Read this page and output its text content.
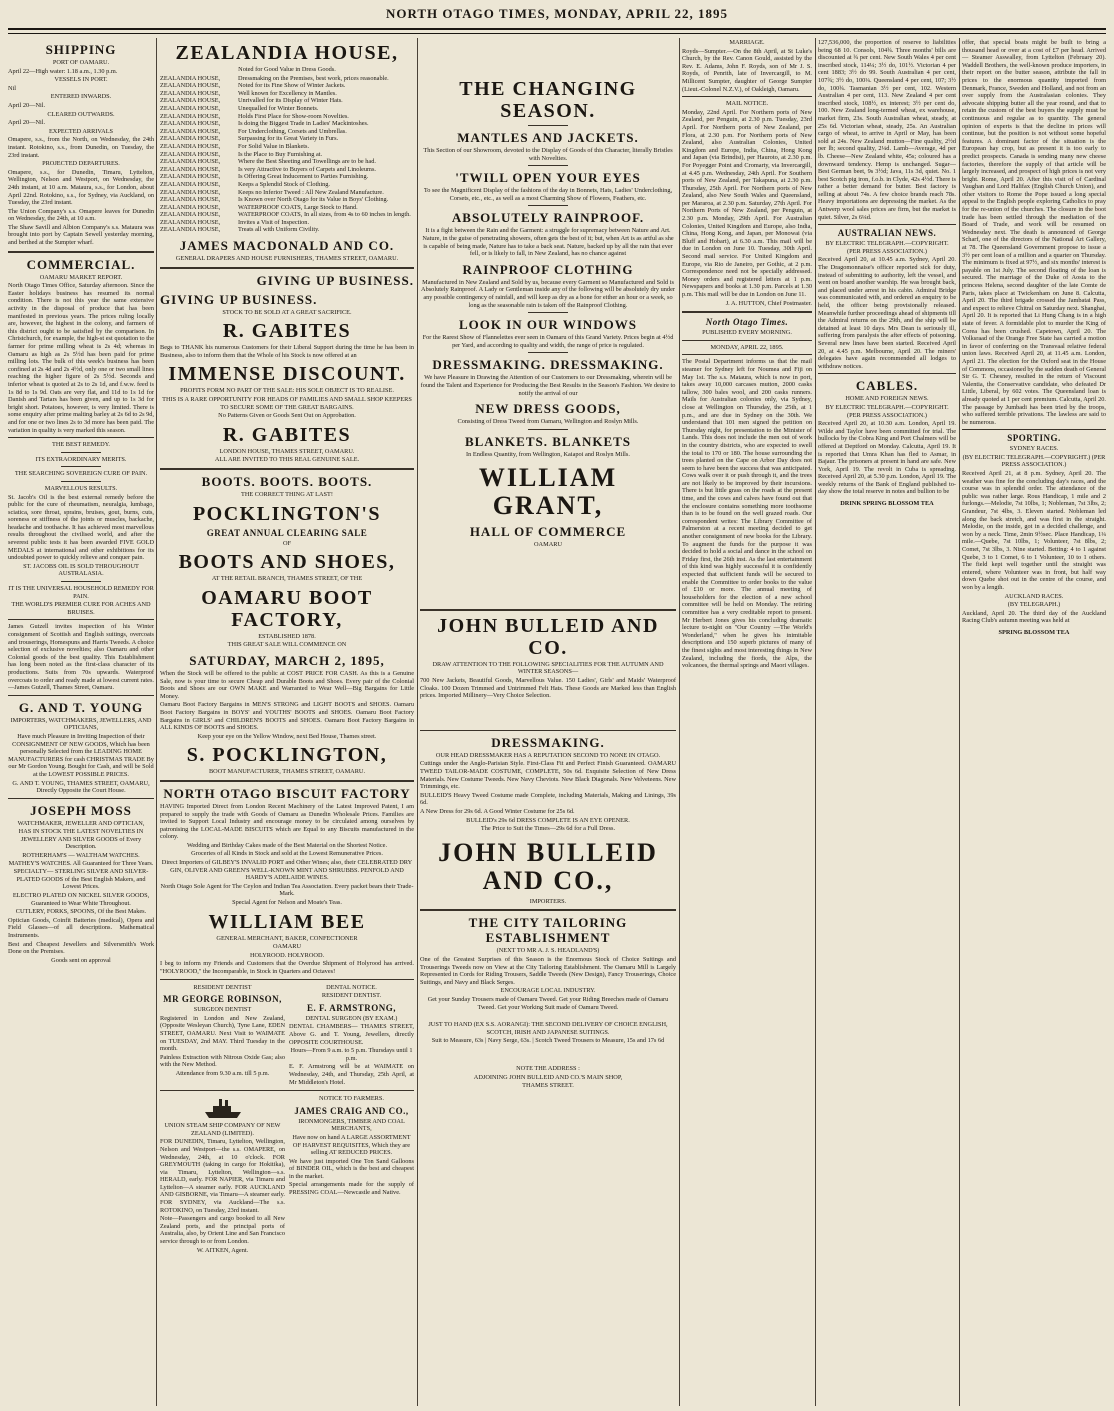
NORTH OTAGO TIMES, MONDAY, APRIL 22, 1895
SHIPPING
PORT OF OAMARU.
April 22—High water: 1.18 a.m., 1.30 p.m.
VESSELS IN PORT.
Nil
ENTERED INWARDS.
April 20—Nil.
CLEARED OUTWARDS.
April 20—Nil.
EXPECTED ARRIVALS
Omapere, s.s., from the North, on Wednesday, the 24th instant. Rotokino, s.s., from Dunedin, on Tuesday, the 23rd instant.
PROJECTED DEPARTURES.
Omapere, s.s., for Dunedin, Timaru, Lyttelton, Wellington, Nelson and Westport, on Wednesday, the 24th instant, at 10 a.m. Mataura, s.s., for London, about April 22nd. Rotokino, s.s., for Sydney, via Auckland, on Tuesday, the 23rd instant.
The Union Company's s.s. Omapere leaves for Dunedin on Wednesday, the 24th, at 10 a.m.
The Shaw Savill and Albion Company's s.s. Mataura was brought into port by Captain Sewell yesterday morning, and berthed at the Sumpter wharf.
COMMERCIAL.
OAMARU MARKET REPORT.
North Otago Times Office, Saturday afternoon. Since the Easter holidays business has resumed its normal condition. There is not this year the same extensive activity in the disposal of produce that has been manifested in previous years. The prices ruling locally are, however, the highest in the colony, and farmers of this district ought to be satisfied by the comparison. In Christchurch, for example, the high-st est quotation to the farmer for prime milling wheat is 2s 4d; whereas in Oamaru as high as 2s 5½d has been paid for prime milling lots. The bulk of this week's business has been confined at 2s 4d and 2s 4½d, only one or two small lines reaching the higher figure of 2s 5½d. Seconds and inferior wheat is quoted at 2s to 2s 1d, and f.w.w. feed is 1s 8d to 1s 9d. Oats are very flat, and 11d to 1s 1d for Danish and Tartars has been given, and up to 1s 3d for bright short. Potatoes, however, is very limited. There is some enquiry after prime malting barley at 2s 6d to 2s 9d, and for one or two lines 2s to 3d more has been paid. The variation in quality is very marked this season.
THE BEST REMEDY.
ITS EXTRAORDINARY MERITS.
THE SEARCHING SOVEREIGN CURE OF PAIN.
MARVELLOUS RESULTS.
St. Jacob's Oil is the best external remedy before the public for the cure of rheumatism, neuralgia, lumbago, sciatica, sore throat, sprains, bruises, gout, burns, cuts, soreness or stiffness of the joints or muscles, backache, headache and toothache. It has achieved most marvellous results throughout the civilised world, and after the severest public tests it has been awarded FIVE GOLD MEDALS at international and other exhibitions for its undoubted power to quickly relieve and conquer pain.
ST. JACOBS OIL IS SOLD THROUGHOUT AUSTRALASIA.
IT IS THE UNIVERSAL HOUSEHOLD REMEDY FOR PAIN.
THE WORLD'S PREMIER CURE FOR ACHES AND BRUISES.
James Gutzell invites inspection of his Winter consignment of Scottish and English suitings, overcoats and trouserings, Homespuns and Harris Tweeds. A choice selection of exclusive novelties; also Oamaru and other Colonial goods of the best quality. This Establishment has long been noted as the first-class character of its productions. Suits from 70s upwards. Waterproof overcoats to order and ready made at lowest current rates.—James Gutzell, Thames Street, Oamaru.
G. AND T. YOUNG
IMPORTERS, WATCHMAKERS, JEWELLERS, AND OPTICIANS,
Have much Pleasure in Inviting Inspection of their CONSIGNMENT OF NEW GOODS, Which has been personally Selected from the LEADING HOME MANUFACTURERS for cash CHRISTMAS TRADE By our Mr Gordon Young. Bought for Cash, and will be Sold at the LOWEST POSSIBLE PRICES.
G. AND T. YOUNG, THAMES STREET, OAMARU, Directly Opposite the Court House.
JOSEPH MOSS
WATCHMAKER, JEWELLER AND OPTICIAN,
HAS IN STOCK THE LATEST NOVELTIES IN JEWELLERY AND SILVER GOODS of Every Description.
ROTHERHAM'S — WALTHAM WATCHES. MATHEY'S WATCHES. All Guaranteed for Three Years.
SPECIALTY— STERLING SILVER AND SILVER-PLATED GOODS of the Best English Makers, and Lowest Prices.
ELECTRO PLATED ON NICKEL SILVER GOODS, Guaranteed to Wear White Throughout.
CUTLERY, FORKS, SPOONS, Of the Best Makes.
Optician Goods, Coinfit Batteries (medical), Opera and Field Glasses—of all descriptions. Mathematical Instruments.
Best and Cheapest Jewellers and Silversmith's Work Done on the Premises.
Goods sent on approval
ZEALANDIA HOUSE,
Noted for Good Value in Dress Goods.
ZEALANDIA HOUSE,	Dressmaking on the Premises, best work, prices reasonable.
ZEALANDIA HOUSE,	Noted for its Fine Show of Winter Jackets.
ZEALANDIA HOUSE,	Well known for Excellency in Mantles.
ZEALANDIA HOUSE,	Unrivalled for its Display of Winter Hats.
ZEALANDIA HOUSE,	Unequalled for Winter Bonnets.
ZEALANDIA HOUSE,	Holds First Place for Show-room Novelties.
ZEALANDIA HOUSE,	Is doing the Biggest Trade in Ladies' Mackintoshes.
ZEALANDIA HOUSE,	For Underclothing, Corsets and Umbrellas.
ZEALANDIA HOUSE,	Surpassing for its Great Variety in Furs.
ZEALANDIA HOUSE,	For Solid Value in Blankets.
ZEALANDIA HOUSE,	Is the Place to Buy Furnishing at.
ZEALANDIA HOUSE,	Where the Best Sheeting and Towellings are to be had.
ZEALANDIA HOUSE,	Is very Attractive to Buyers of Carpets and Linoleums.
ZEALANDIA HOUSE,	Is Offering Great Inducement to Parties Furnishing.
ZEALANDIA HOUSE,	Keeps a Splendid Stock of Clothing.
ZEALANDIA HOUSE,	Keeps no Inferior Tweed : All New Zealand Manufacture.
ZEALANDIA HOUSE,	Is Known over North Otago for its Value in Boys' Clothing.
ZEALANDIA HOUSE,	WATERPROOF COATS, Large Stock to Hand.
ZEALANDIA HOUSE,	WATERPROOF COATS, In all sizes, from 4s to 60 inches in length.
ZEALANDIA HOUSE,	Invites a Visit of Inspection.
ZEALANDIA HOUSE,	Treats all with Uniform Civility.
JAMES MACDONALD AND CO.
GENERAL DRAPERS AND HOUSE FURNISHERS, THAMES STREET, OAMARU.
GIVING UP BUSINESS.
GIVING UP BUSINESS.
STOCK TO BE SOLD AT A GREAT SACRIFICE.
R. GABITES
Begs to THANK his numerous Customers for their Liberal Support during the time he has been in Business, also to inform them that the Whole of his Stock is now offered at an
IMMENSE DISCOUNT.
PROFITS FORM NO PART OF THE SALE: HIS SOLE OBJECT IS TO REALISE.
THIS IS A RARE OPPORTUNITY FOR HEADS OF FAMILIES AND SMALL SHOP KEEPERS TO SECURE SOME OF THE GREAT BARGAINS.
No Patterns Given or Goods Sent Out on Approbation.
R. GABITES
LONDON HOUSE, THAMES STREET, OAMARU.
ALL ARE INVITED TO THIS REAL GENUINE SALE.
BOOTS. BOOTS. BOOTS.
THE CORRECT THING AT LAST!
POCKLINGTON'S
GREAT ANNUAL CLEARING SALE
OF
BOOTS AND SHOES,
AT THE RETAIL BRANCH, THAMES STREET, OF THE
OAMARU BOOT FACTORY,
ESTABLISHED 1878.
THIS GREAT SALE WILL COMMENCE ON
SATURDAY, MARCH 2, 1895,
When the Stock will be offered to the public at COST PRICE FOR CASH. As this is a Genuine Sale, now is your time to secure Cheap and Durable Boots and Shoes. Every pair of the Colonial Boots and Shoes are our OWN MAKE and Warranted to Wear Well—Big Bargains for Little Money.
Oamaru Boot Factory Bargains in MEN'S STRONG and LIGHT BOOTS and SHOES. Oamaru Boot Factory Bargains in BOYS' and YOUTHS' BOOTS and SHOES. Oamaru Boot Factory Bargains in GIRLS' and CHILDREN'S BOOTS and SHOES. Oamaru Boot Factory Bargains in ALL KINDS OF BOOTS and SHOES.
Keep your eye on the Yellow Window, next Bed House, Thames street.
S. POCKLINGTON,
BOOT MANUFACTURER, THAMES STREET, OAMARU.
NORTH OTAGO BISCUIT FACTORY
HAVING Imported Direct from London Recent Machinery of the Latest Improved Patent, I am prepared to supply the trade with Goods of Oamaru as Dunedin Wholesale Prices. Families are invited to Support Local Industry and encourage money to be circulated among ourselves by patronising the LOCAL-MADE BISCUITS which are Equal to any Biscuits manufactured in the colony.
Wedding and Birthday Cakes made of the Best Material on the Shortest Notice.
Groceries of all Kinds in Stock and sold at the Lowest Remunerative Prices.
Direct Importers of GILBEY'S INVALID PORT and Other Wines; also, their CELEBRATED DRY GIN, OLIVER AND GREEN'S WELL-KNOWN MINT AND SHRUBBS. PENFOLD AND HARDY'S ADELAIDE WINES.
North Otago Sole Agent for The Ceylon and Indian Tea Association. Every packet bears their Trade-Mark.
Special Agent for Nelson and Moate's Teas.
WILLIAM BEE
GENERAL MERCHANT, BAKER, CONFECTIONER
OAMARU
HOLYROOD. HOLYROOD.
I beg to inform my Friends and Customers that the Overdue Shipment of Holyrood has arrived. "HOLYROOD," the Incomparable, in Stock in Quarters and Octaves!
RESIDENT DENTIST
MR GEORGE ROBINSON,
SURGEON DENTIST
Registered in London and New Zealand, (Opposite Wesleyan Church), Tyne Lane, EDEN STREET, OAMARU. Next Visit to WAIMATE on TUESDAY, 2nd MAY. Third Tuesday in the month.
Painless Extraction with Nitrous Oxide Gas; also with the New Method.
Attendance from 9.30 a.m. till 5 p.m.
DENTAL NOTICE.
RESIDENT DENTIST.
E. F. ARMSTRONG,
DENTAL SURGEON (BY EXAM.)
DENTAL CHAMBERS— THAMES STREET, Above G. and T. Young, Jewellers, directly OPPOSITE COURTHOUSE.
Hours—From 9 a.m. to 5 p.m. Thursdays until 1 p.m.
E. F. Armstrong will be at WAIMATE on Wednesday, 24th, and Thursday, 25th April, at Mr Middleton's Hotel.
UNION STEAM SHIP COMPANY OF NEW ZEALAND (LIMITED).
FOR DUNEDIN, Timaru, Lyttelton, Wellington, Nelson and Westport—the s.s. OMAPERE, on Wednesday, 24th, at 10 o'clock. FOR GREYMOUTH (taking in cargo for Hokitika), via Timaru, Lyttelton, Wellington—s.s. HERALD, early. FOR NAPIER, via Timaru and Lyttelton—A steamer early. FOR AUCKLAND AND GISBORNE, via Timaru—A steamer early. FOR SYDNEY, via Auckland—The s.s. ROTOKINO, on Tuesday, 23rd instant.
Note—Passengers and cargo booked to all New Zealand ports, and the principal ports of Australia, also, by Orient Line and San Francisco service through to or from London.
W. AITKEN, Agent.
NOTICE TO FARMERS.
JAMES CRAIG AND CO.,
IRONMONGERS, TIMBER AND COAL MERCHANTS,
Have now on hand A LARGE ASSORTMENT OF HARVEST REQUISITES, Which they are selling AT REDUCED PRICES.
We have just imported One Ton Sand Galloons of BINDER OIL, which is the best and cheapest in the market.
Special arrangements made for the supply of PRESSING COAL—Newcastle and Native.
THE CHANGING SEASON.
MANTLES AND JACKETS.
This Section of our Showroom, devoted to the Display of Goods of this Character, literally Bristles with Novelties.
'TWILL OPEN YOUR EYES
To see the Magnificent Display of the fashions of the day in Bonnets, Hats, Ladies' Underclothing, Corsets, etc., etc., as well as a most Charming Show of Flowers, Feathers, etc.
ABSOLUTELY RAINPROOF.
It is a fight between the Rain and the Garment: a struggle for supremacy between Nature and Art. Nature, in the guise of penetrating showers, often gets the best of it; but, when Art is as artful as she is capable of being made, Nature has to take a back seat. Nature, backed up by all the rain that ever fell, or is likely to fall, in New Zealand, has no chance against
RAINPROOF CLOTHING
Manufactured in New Zealand and Sold by us, because every Garment so Manufactured and Sold is Absolutely Rainproof. A Lady or Gentleman inside any of the following will be absolutely dry under any possible contingency of rainfall, and will keep as dry as a bone for either an hour or a week, so long as the seasonable rain is taken off the Rainproof Clothing.
LOOK IN OUR WINDOWS
For the Rarest Show of Flannelettes ever seen in Oamaru of this Grand Variety. Prices begin at 4½d per Yard, and according to quality and width, the range of price is regulated.
DRESSMAKING. DRESSMAKING.
We have Pleasure in Drawing the Attention of our Customers to our Dressmaking, wherein will be found the Talent and Experience for Producing the Best Results in the Season's Fashion. We desire to notify the arrival of our
NEW DRESS GOODS,
Consisting of Dress Tweed from Oamaru, Wellington and Roslyn Mills.
BLANKETS. BLANKETS
In Endless Quantity, from Wellington, Kaiapoi and Roslyn Mills.
WILLIAM GRANT,
HALL OF COMMERCE
OAMARU
JOHN BULLEID AND CO.
DRAW ATTENTION TO THE FOLLOWING SPECIALITIES FOR THE AUTUMN AND WINTER SEASONS—
700 New Jackets, Beautiful Goods, Marvellous Value. 150 Ladies', Girls' and Maids' Waterproof Cloaks. 100 Dozen Trimmed and Untrimmed Felt Hats. These Goods are Marked less than English prices. Imported Millinery—Very Choice Selection.
DRESSMAKING.
OUR HEAD DRESSMAKER HAS A REPUTATION SECOND TO NONE IN OTAGO.
Cuttings under the Anglo-Parisian Style. First-Class Fit and Perfect Finish Guaranteed. OAMARU TWEED TAILOR-MADE COSTUME, COMPLETE, 50s 6d. Exquisite Selection of New Dress Materials. New Costume Tweeds. New Navy Cheviots. New Black Diagonals. New Velveteens. New Trimmings, etc.
BULLEID'S Heavy Tweed Costume made Complete, including Materials, Making and Linings, 39s 6d.
A New Dress for 29s 6d. A Good Winter Costume for 25s 6d.
BULLEID's 29s 6d DRESS COMPLETE IS AN EYE OPENER.
The Price to Suit the Times—29s 6d for a Full Dress.
JOHN BULLEID AND CO.,
IMPORTERS.
THE CITY TAILORING ESTABLISHMENT
(NEXT TO MR A. J. S. HEADLAND'S)
One of the Greatest Surprises of this Season is the Enormous Stock of Choice Suitings and Trouserings Tweeds now on View at the City Tailoring Establishment. The Oamaru Mill is Largely Represented in Cords for Riding Trousers, Saddle Tweeds (New Design), Fancy Trouserings, Choice Suitings, and Navy and Black Serges.
ENCOURAGE LOCAL INDUSTRY.
Get your Sunday Trousers made of Oamaru Tweed. Get your Riding Breeches made of Oamaru Tweed. Get your Working Suit made of Oamaru Tweed.
JUST TO HAND (EX S.S. AORANGI): THE SECOND DELIVERY OF CHOICE ENGLISH, SCOTCH, IRISH AND JAPANESE SUITINGS.
Suit to Measure, 63s | Navy Serge, 63s. | Scotch Tweed Trousers to Measure, 15s and 17s 6d
NOTE THE ADDRESS :
ADJOINING JOHN BULLEID AND CO.'S MAIN SHOP,
THAMES STREET.
MARRIAGE.
Royds—Sumpter.—On the 8th April, at St Luke's Church, by the Rev. Canon Gould, assisted by the Rev. E. Adams, John F. Royds, son of Mr J. S. Royds, of Penrith, late of Invercargill, to M. Millicent Sumpter, daughter of George Sumpter (Lieut.-Colonel N.Z.V.), of Oakleigh, Oamaru.
MAIL NOTICE.
Monday, 22nd April. For Northern ports of New Zealand, per Penguin, at 2.30 p.m. Tuesday, 23rd April. For Northern ports of New Zealand, per Flora, at 2.30 p.m. For Northern ports of New Zealand, also Australian Colonies, United Kingdom and Europe, India, China, Hong Kong and Japan (via Brindisi), per Hauroto, at 2.30 p.m. For Poyegger Point and Cromarty, via Invercargill, at 4.45 p.m. Wednesday, 24th April. For Southern ports of New Zealand, per Takapuna, at 2.30 p.m. Thursday, 25th April. For Northern ports of New Zealand, also New South Wales and Queensland, per Mararoa, at 2.30 p.m. Saturday, 27th April. For Northern Ports of New Zealand, per Penguin, at 2.30 p.m. Monday, 29th April. For Australian Colonies, United Kingdom and Europe, also India, China, Hong Kong, and Japan, per Monowai (via Bluff and Hobart), at 6.30 a.m. This mail will be due in London on June 10. Tuesday, 30th April. Second mail service. For United Kingdom and Europe, via Rio de Janeiro, per Gothic, at 2 p.m. Correspondence need not be specially addressed. Money orders and registered letters at 1 p.m. Newspapers and books at 1.30 p.m. Parcels at 1.30 p.m. This mail will be due in London on June 11.
J. A. HUTTON, Chief Postmaster.
North Otago Times.
PUBLISHED EVERY MORNING.
MONDAY, APRIL 22, 1895.
The Postal Department informs us that the mail steamer for Sydney left for Noumea and Fiji on May 1st. The s.s. Mataura, which is now in port, takes away 10,000 carcases mutton, 2000 casks tallow, 300 bales wool, and 200 casks runners. Mails for Australian colonies only, via Sydney, close at Wellington on Thursday, the 25th, at 1 p.m., and are due in Sydney on the 30th. We understand that 101 men signed the petition on Thursday night, for presentation to the Minister of Lands. This does not include the men out of work in the country districts, who are expected to swell the total to 170 or 180. The house surrounding the trees planted on the Cape on Arbor Day does not seem to have been the success that was anticipated. Cows walk over it or push through it, and the trees are not likely to be improved by their incursions. There is but little grass on the roads at the present time, and the cows and calves have found out that the enclosure contains something more toothsome than is to be found on the well grazed roads. Our correspondent writes: The Library Committee of Palmerston at a recent meeting decided to get another consignment of new books for the Library. To augment the funds for the purpose it was decided to hold a social and dance in the school on Friday first, the 26th inst. As the last entertainment of this kind was highly successful it is confidently expected that sufficient funds will be secured to enable the Committee to order books to the value of £10 or more. The annual meeting of householders for the election of a new school committee will be held on Monday. The retiring committee has a very creditable report to present. Mr Herbert Jones gives his concluding dramatic lecture to-night on "Our Country —The World's Wonderland," when he gives his inimitable descriptions and 150 superb pictures of many of the finest sights and most interesting things in New Zealand, including the fiords, the Alps, the volcanoes, the thermal springs and Maori villages.
127,536,000, the proportion of reserve to liabilities being 68 10. Consols, 104¾. Three months' bills are discounted at ¾ per cent. New South Wales 4 per cent inscribed stock, 114¼; 3½ do, 101½. Victorian 4 per cent 1883; 3½ do 99. South Australian 4 per cent, 107¾; 3½ do, 100¼. Queensland 4 per cent, 107; 3½ do, 100¾. Tasmanian 3½ per cent, 102. Western Australian 4 per cent, 113. New Zealand 4 per cent inscribed stock, 108½, ex interest; 3½ per cent do, 100. New Zealand long-termed wheat, ex warehouse, market firm, 23s. South Australian wheat, steady, at 25s 6d. Victorian wheat, steady, 25s. An Australian cargo of wheat, to arrive in April or May, has been sold at 24s. New Zealand mutton—Fine quality, 2½d per lb; second quality, 2¼d. Lamb—Average, 4d per lb. Cheese—New Zealand white, 45s; coloured has a downward tendency. Hemp is unchanged. Sugar—Best German beet, 9s 3½d; Java, 11s 3d, quiet. No. 1 best Scotch pig iron, f.o.b. in Clyde, 42s 4½d. There is rather a better demand for butter. Best factory is selling at about 74s. A few choice brands reach 78s. Heavy importations are depressing the market. As the Antwerp wool sales prices are firm, but the market is quiet. Silver, 2s 6¼d.
AUSTRALIAN NEWS.
BY ELECTRIC TELEGRAPH.—COPYRIGHT. (PER PRESS ASSOCIATION.)
Received April 20, at 10.45 a.m. Sydney, April 20. The Dragomonnaise's officer reported sick for duty, instead of submitting to authority, left the vessel, and went on board another warship. He was brought back, and placed under arrest in his cabin. Admiral Bridge was communicated with, and ordered an enquiry to be held, the officer being provisionally released. Meanwhile further proceedings ahead of shipments till the Admiral returns on the 29th, and the ship will be detained at least 10 days. Mrs Dean is seriously ill, suffering from paralysis the after effects of poisoning. Several new lines have been started. Received April 20, at 4.45 p.m. Melbourne, April 20. The miners' delegates have again recommended all lodges to withdraw notices.
CABLES.
HOME AND FOREIGN NEWS.
BY ELECTRIC TELEGRAPH.—COPYRIGHT. (PER PRESS ASSOCIATION.)
Received April 20, at 10.30 a.m. London, April 19. Wilde and Taylor have been committed for trial. The bullocks by the Cobra King and Port Chalmers will be offered at Deptford on Monday. Calcutta, April 19. It is reported that Umra Khan has fled to Asmar, in Bajaur. The prisoners at present in hand are safe. New York, April 19. The revolt in Cuba is spreading. Received April 20, at 5.30 p.m. London, April 19. The weekly returns of the Bank of England published to-day show the total reserve in notes and bullion to be
DRINK SPRING BLOSSOM TEA
offer, that special boats might be built to bring a thousand head or over at a cost of £7 per head. Arrived — Steamer Asswalley, from Lyttelton (February 20). Waddell Brothers, the well-known produce importers, in their report on the butter season, attribute the fall in prices to the enormous quantity imported from Denmark, France, Sweden and Holland, and not from an over supply from the Australasian colonies. They advocate shipping butter all the year round, and that to retain the custom of the best buyers the supply must be continuous and regular as to quantity. The general opinion of experts is that the decline in prices will continue, but the position is not without some hopeful features. A dominant factor of the situation is the European hay crop, but as present it is too early to predict prospects. Canada is sending many new cheese factories, therefore the supply of that article will be largely increased, and prospect of high prices is not very bright. Rome, April 20. After this visit of of Cardinal Vaughan and Lord Halifax (English Church Union), and other visitors to Rome the Pope issued a long special appeal to the English people exploring Catholics to pray for the re-union of the churches. The closure in the boot trade has been settled through the mediation of the Board of Trade, and work will be resumed on Wednesday next. The death is announced of George Scharf, one of the directors of the National Art Gallery, at 78. The Queensland Government propose to issue a 3½ per cent loan of a million and a quarter on Thursday. The minimum is fixed at 97½, and six months' interest is payable on 1st July. The second floating of the loan is secured. The marriage of the Duke of Aosta to the princess Helena, second daughter of the late Comte de Paris, takes place at Twickenham on June 8. Calcutta, April 20. The third brigade crossed the Jambatai Pass, and expect to relieve Chitral on Saturday next. Shanghai, April 20. It is reported that Li Hung Chang is in a high state of fever. A formidable plot to murder the King of Corea has been crushed. Capetown, April 20. The Volksraad of the Orange Free State has carried a motion in favor of conferring on the Transvaal relative federal union laws. Received April 20, at 11.45 a.m. London, April 21. The election for the Oxford seat in the House of Commons, occasioned by the sudden death of General Sir G. T. Chesney, resulted in the return of Viscount Valentia, the Conservative candidate, who defeated Dr Little, Liberal, by 602 votes. The Queensland loan is already quoted at 1 per cent premium. Calcutta, April 20. The passage by Jumbadi has been tried by the troops, who suffered terrible privations. The lawless are said to be numerous.
SPORTING.
SYDNEY RACES.
(BY ELECTRIC TELEGRAPH.—COPYRIGHT.) (PER PRESS ASSOCIATION.)
Received April 21, at 8 p.m. Sydney, April 20. The weather was fine for the concluding day's races, and the course was in splendid order. The attendance of the public was rather large. Rous Handicap, 1 mile and 2 furlongs.—Melodie, 7st 10lbs, 1; Nobleman, 7st 3lbs, 2; Grandeur, 7st 4lbs, 3. Eleven started. Nobleman led along the back stretch, and was first in the straight. Melodie, on the inside, got in a decided challenge, and won by a neck. Time, 2min 9½sec. Place Handicap, 1¼ mile.—Quebe, 7st 10lbs, 1; Volunteer, 7st 8lbs, 2; Comet, 7st 3lbs, 3. Nine started. Betting: 4 to 1 against Quebe, 3 to 1 Comet, 6 to 1 Volunteer, 10 to 1 others. The field kept well together until the straight was entered, where Volunteer was in front, but half way down Quebe shot out in the centre of the course, and won by a length.
AUCKLAND RACES.
(BY TELEGRAPH.)
Auckland, April 20. The third day of the Auckland Racing Club's autumn meeting was held at
SPRING BLOSSOM TEA
